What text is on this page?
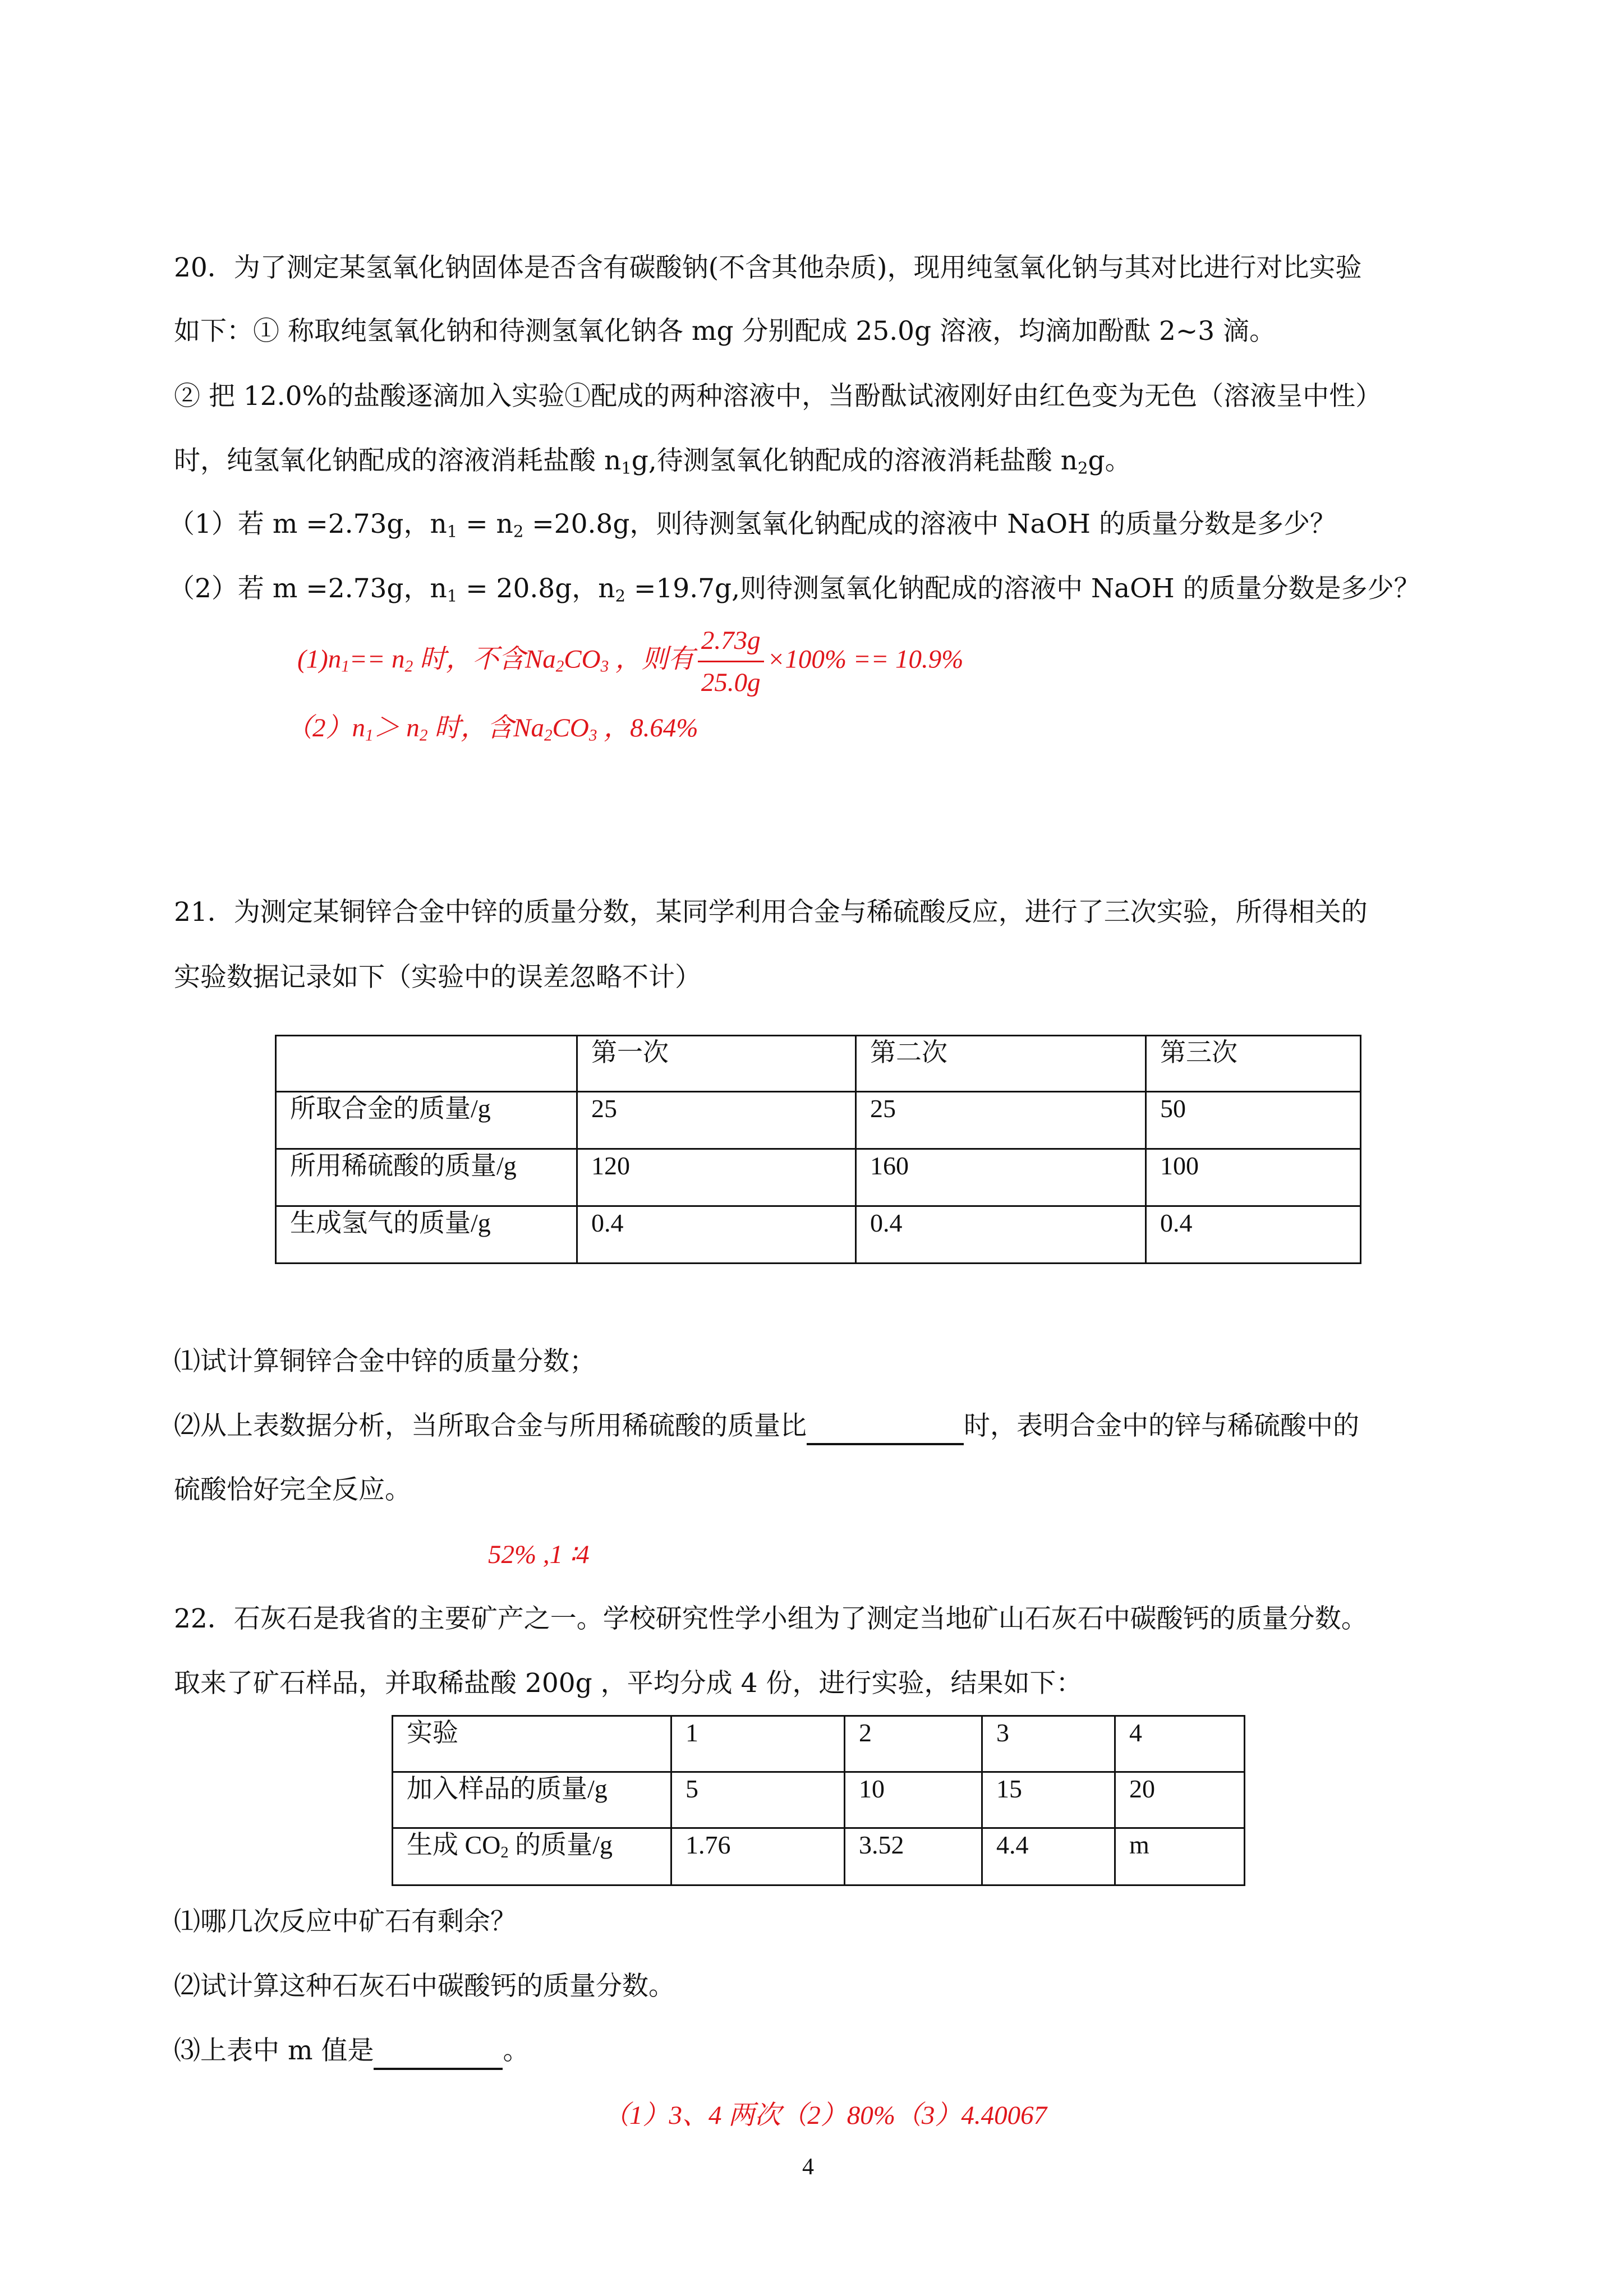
20．为了测定某氢氧化钠固体是否含有碳酸钠(不含其他杂质)，现用纯氢氧化钠与其对比进行对比实验
如下：① 称取纯氢氧化钠和待测氢氧化钠各 mg 分别配成 25.0g 溶液，均滴加酚酞 2~3 滴。
② 把 12.0%的盐酸逐滴加入实验①配成的两种溶液中，当酚酞试液刚好由红色变为无色（溶液呈中性）
时，纯氢氧化钠配成的溶液消耗盐酸 $n_1g$,待测氢氧化钠配成的溶液消耗盐酸 $n_2g$。
（1）若 m =2.73g，$n_1 = n_2 =20.8g$，则待测氢氧化钠配成的溶液中 NaOH 的质量分数是多少？
（2）若 m =2.73g，$n_1 = 20.8g$，$n_2 =19.7g$,则待测氢氧化钠配成的溶液中 NaOH 的质量分数是多少？
$(1)n_1== n_2$ 时，不含$Na_2CO_3$ ，则有 $\frac{2.73g}{25.0g} \times 100\% == 10.9\%$
$(2)n_1> n_2$ 时，含$Na_2CO_3$ ，8.64%
21．为测定某铜锌合金中锌的质量分数，某同学利用合金与稀硫酸反应，进行了三次实验，所得相关的
实验数据记录如下（实验中的误差忽略不计）
	第一次	第二次	第三次
所取合金的质量/g	25	25	50
所用稀硫酸的质量/g	120	160	100
生成氢气的质量/g	0.4	0.4	0.4
⑴试计算铜锌合金中锌的质量分数；
⑵从上表数据分析，当所取合金与所用稀硫酸的质量比	时，表明合金中的锌与稀硫酸中的
硫酸恰好完全反应。
52% ,1 ∶4
22．石灰石是我省的主要矿产之一。学校研究性学小组为了测定当地矿山石灰石中碳酸钙的质量分数。
取来了矿石样品，并取稀盐酸 200g ，平均分成 4 份，进行实验，结果如下：
实验	1	2	3	4
加入样品的质量/g	5	10	15	20
生成 $CO_2$ 的质量/g	1.76	3.52	4.4	m
⑴哪几次反应中矿石有剩余？
⑵试计算这种石灰石中碳酸钙的质量分数。
⑶上表中 m 值是	。
（1）3、4 两次（2）80%（3）4.40067
4
